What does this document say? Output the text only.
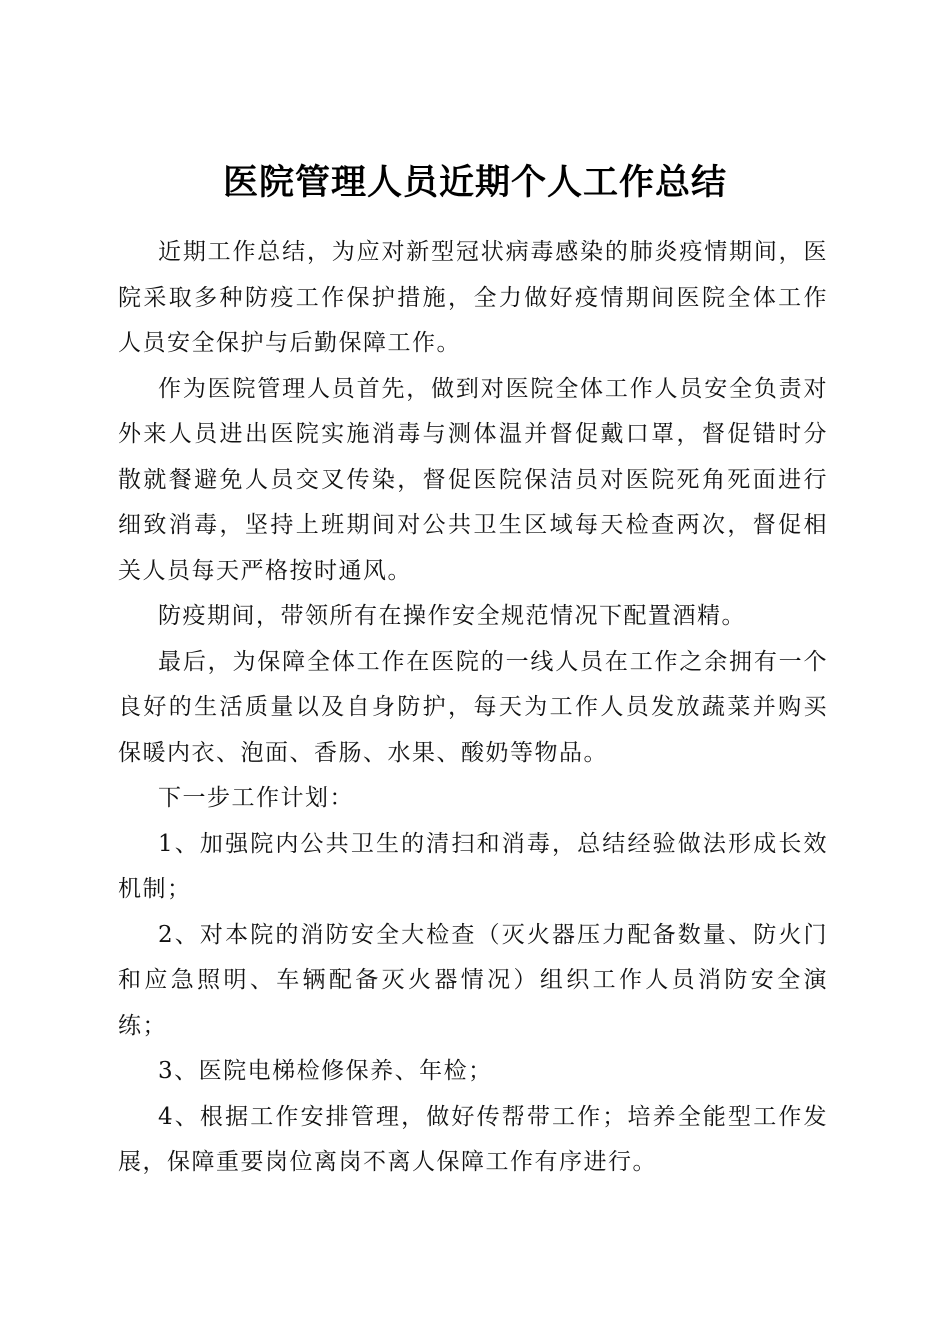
医院管理人员近期个人工作总结

近期工作总结，为应对新型冠状病毒感染的肺炎疫情期间，医院采取多种防疫工作保护措施，全力做好疫情期间医院全体工作人员安全保护与后勤保障工作。

作为医院管理人员首先，做到对医院全体工作人员安全负责对外来人员进出医院实施消毒与测体温并督促戴口罩，督促错时分散就餐避免人员交叉传染，督促医院保洁员对医院死角死面进行细致消毒，坚持上班期间对公共卫生区域每天检查两次，督促相关人员每天严格按时通风。

防疫期间，带领所有在操作安全规范情况下配置酒精。

最后，为保障全体工作在医院的一线人员在工作之余拥有一个良好的生活质量以及自身防护，每天为工作人员发放蔬菜并购买保暖内衣、泡面、香肠、水果、酸奶等物品。

下一步工作计划：

1、加强院内公共卫生的清扫和消毒，总结经验做法形成长效机制；

2、对本院的消防安全大检查（灭火器压力配备数量、防火门和应急照明、车辆配备灭火器情况）组织工作人员消防安全演练；

3、医院电梯检修保养、年检；

4、根据工作安排管理，做好传帮带工作；培养全能型工作发展，保障重要岗位离岗不离人保障工作有序进行。
